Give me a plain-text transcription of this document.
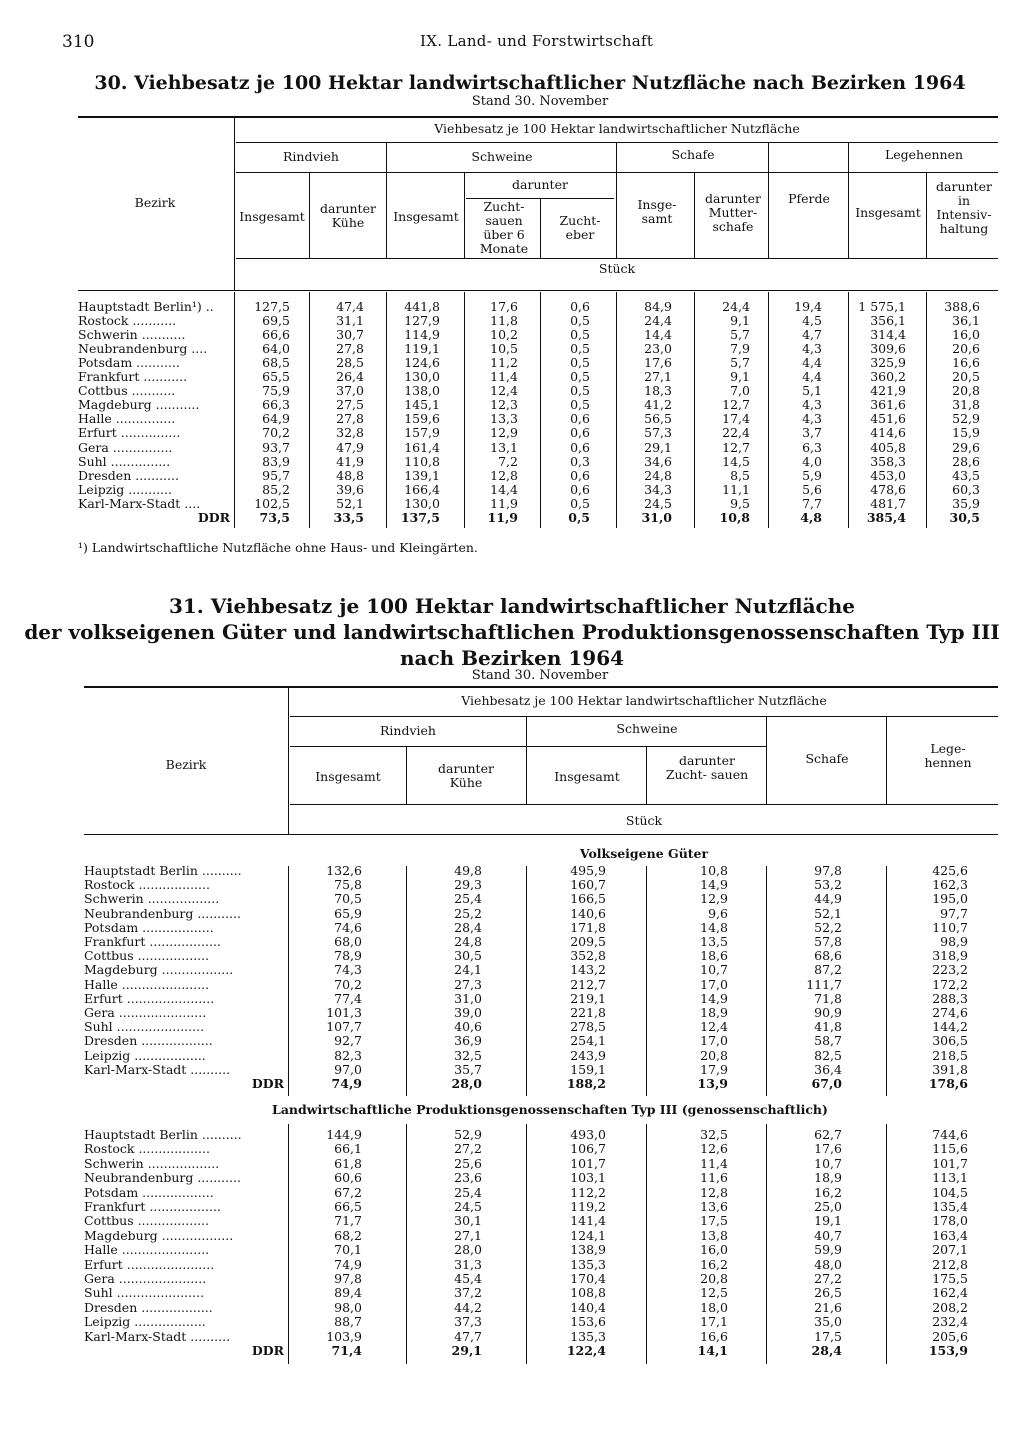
310	IX. Land- und Forstwirtschaft
30. Viehbesatz je 100 Hektar landwirtschaftlicher Nutzfläche nach Bezirken 1964
Stand 30. November
Viehbesatz je 100 Hektar landwirtschaftlicher Nutzfläche
Bezirk
Rindvieh	Schweine	Schafe	Legehennen
darunter
Insgesamt
darunter Kühe	Insgesamt
Zucht- sauen über 6 Monate
Zucht- eber
Insge- samt
darunter Mutter- schafe
Pferde
Insgesamt
darunter in Intensiv- haltung
Stück
Hauptstadt Berlin¹) ..	127,5	47,4	441,8	17,6	0,6	84,9	24,4	19,4	1 575,1	388,6
Rostock ...........	69,5	31,1	127,9	11,8	0,5	24,4	9,1	4,5	356,1	36,1
Schwerin ...........	66,6	30,7	114,9	10,2	0,5	14,4	5,7	4,7	314,4	16,0
Neubrandenburg ....	64,0	27,8	119,1	10,5	0,5	23,0	7,9	4,3	309,6	20,6
Potsdam ...........	68,5	28,5	124,6	11,2	0,5	17,6	5,7	4,4	325,9	16,6
Frankfurt ...........	65,5	26,4	130,0	11,4	0,5	27,1	9,1	4,4	360,2	20,5
Cottbus ...........	75,9	37,0	138,0	12,4	0,5	18,3	7,0	5,1	421,9	20,8
Magdeburg ...........	66,3	27,5	145,1	12,3	0,5	41,2	12,7	4,3	361,6	31,8
Halle ...............	64,9	27,8	159,6	13,3	0,6	56,5	17,4	4,3	451,6	52,9
Erfurt ...............	70,2	32,8	157,9	12,9	0,6	57,3	22,4	3,7	414,6	15,9
Gera ...............	93,7	47,9	161,4	13,1	0,6	29,1	12,7	6,3	405,8	29,6
Suhl ...............	83,9	41,9	110,8	7,2	0,3	34,6	14,5	4,0	358,3	28,6
Dresden ...........	95,7	48,8	139,1	12,8	0,6	24,8	8,5	5,9	453,0	43,5
Leipzig ...........	85,2	39,6	166,4	14,4	0,6	34,3	11,1	5,6	478,6	60,3
Karl-Marx-Stadt ....	102,5	52,1	130,0	11,9	0,5	24,5	9,5	7,7	481,7	35,9
DDR	73,5	33,5	137,5	11,9	0,5	31,0	10,8	4,8	385,4	30,5
¹) Landwirtschaftliche Nutzfläche ohne Haus- und Kleingärten.
31. Viehbesatz je 100 Hektar landwirtschaftlicher Nutzfläche
der volkseigenen Güter und landwirtschaftlichen Produktionsgenossenschaften Typ III
nach Bezirken 1964
Stand 30. November
Viehbesatz je 100 Hektar landwirtschaftlicher Nutzfläche
Bezirk
Rindvieh	Schweine
Insgesamt
darunter Kühe	Insgesamt
darunter Zucht- sauen
Schafe
Lege- hennen
Stück
Volkseigene Güter
Landwirtschaftliche Produktionsgenossenschaften Typ III (genossenschaftlich)
Hauptstadt Berlin ..........	132,6	49,8	495,9	10,8	97,8	425,6
Rostock ..................	75,8	29,3	160,7	14,9	53,2	162,3
Schwerin ..................	70,5	25,4	166,5	12,9	44,9	195,0
Neubrandenburg ...........	65,9	25,2	140,6	9,6	52,1	97,7
Potsdam ..................	74,6	28,4	171,8	14,8	52,2	110,7
Frankfurt ..................	68,0	24,8	209,5	13,5	57,8	98,9
Cottbus ..................	78,9	30,5	352,8	18,6	68,6	318,9
Magdeburg ..................	74,3	24,1	143,2	10,7	87,2	223,2
Halle ......................	70,2	27,3	212,7	17,0	111,7	172,2
Erfurt ......................	77,4	31,0	219,1	14,9	71,8	288,3
Gera ......................	101,3	39,0	221,8	18,9	90,9	274,6
Suhl ......................	107,7	40,6	278,5	12,4	41,8	144,2
Dresden ..................	92,7	36,9	254,1	17,0	58,7	306,5
Leipzig ..................	82,3	32,5	243,9	20,8	82,5	218,5
Karl-Marx-Stadt ..........	97,0	35,7	159,1	17,9	36,4	391,8
DDR	74,9	28,0	188,2	13,9	67,0	178,6
Hauptstadt Berlin ..........	144,9	52,9	493,0	32,5	62,7	744,6
Rostock ..................	66,1	27,2	106,7	12,6	17,6	115,6
Schwerin ..................	61,8	25,6	101,7	11,4	10,7	101,7
Neubrandenburg ...........	60,6	23,6	103,1	11,6	18,9	113,1
Potsdam ..................	67,2	25,4	112,2	12,8	16,2	104,5
Frankfurt ..................	66,5	24,5	119,2	13,6	25,0	135,4
Cottbus ..................	71,7	30,1	141,4	17,5	19,1	178,0
Magdeburg ..................	68,2	27,1	124,1	13,8	40,7	163,4
Halle ......................	70,1	28,0	138,9	16,0	59,9	207,1
Erfurt ......................	74,9	31,3	135,3	16,2	48,0	212,8
Gera ......................	97,8	45,4	170,4	20,8	27,2	175,5
Suhl ......................	89,4	37,2	108,8	12,5	26,5	162,4
Dresden ..................	98,0	44,2	140,4	18,0	21,6	208,2
Leipzig ..................	88,7	37,3	153,6	17,1	35,0	232,4
Karl-Marx-Stadt ..........	103,9	47,7	135,3	16,6	17,5	205,6
DDR	71,4	29,1	122,4	14,1	28,4	153,9
